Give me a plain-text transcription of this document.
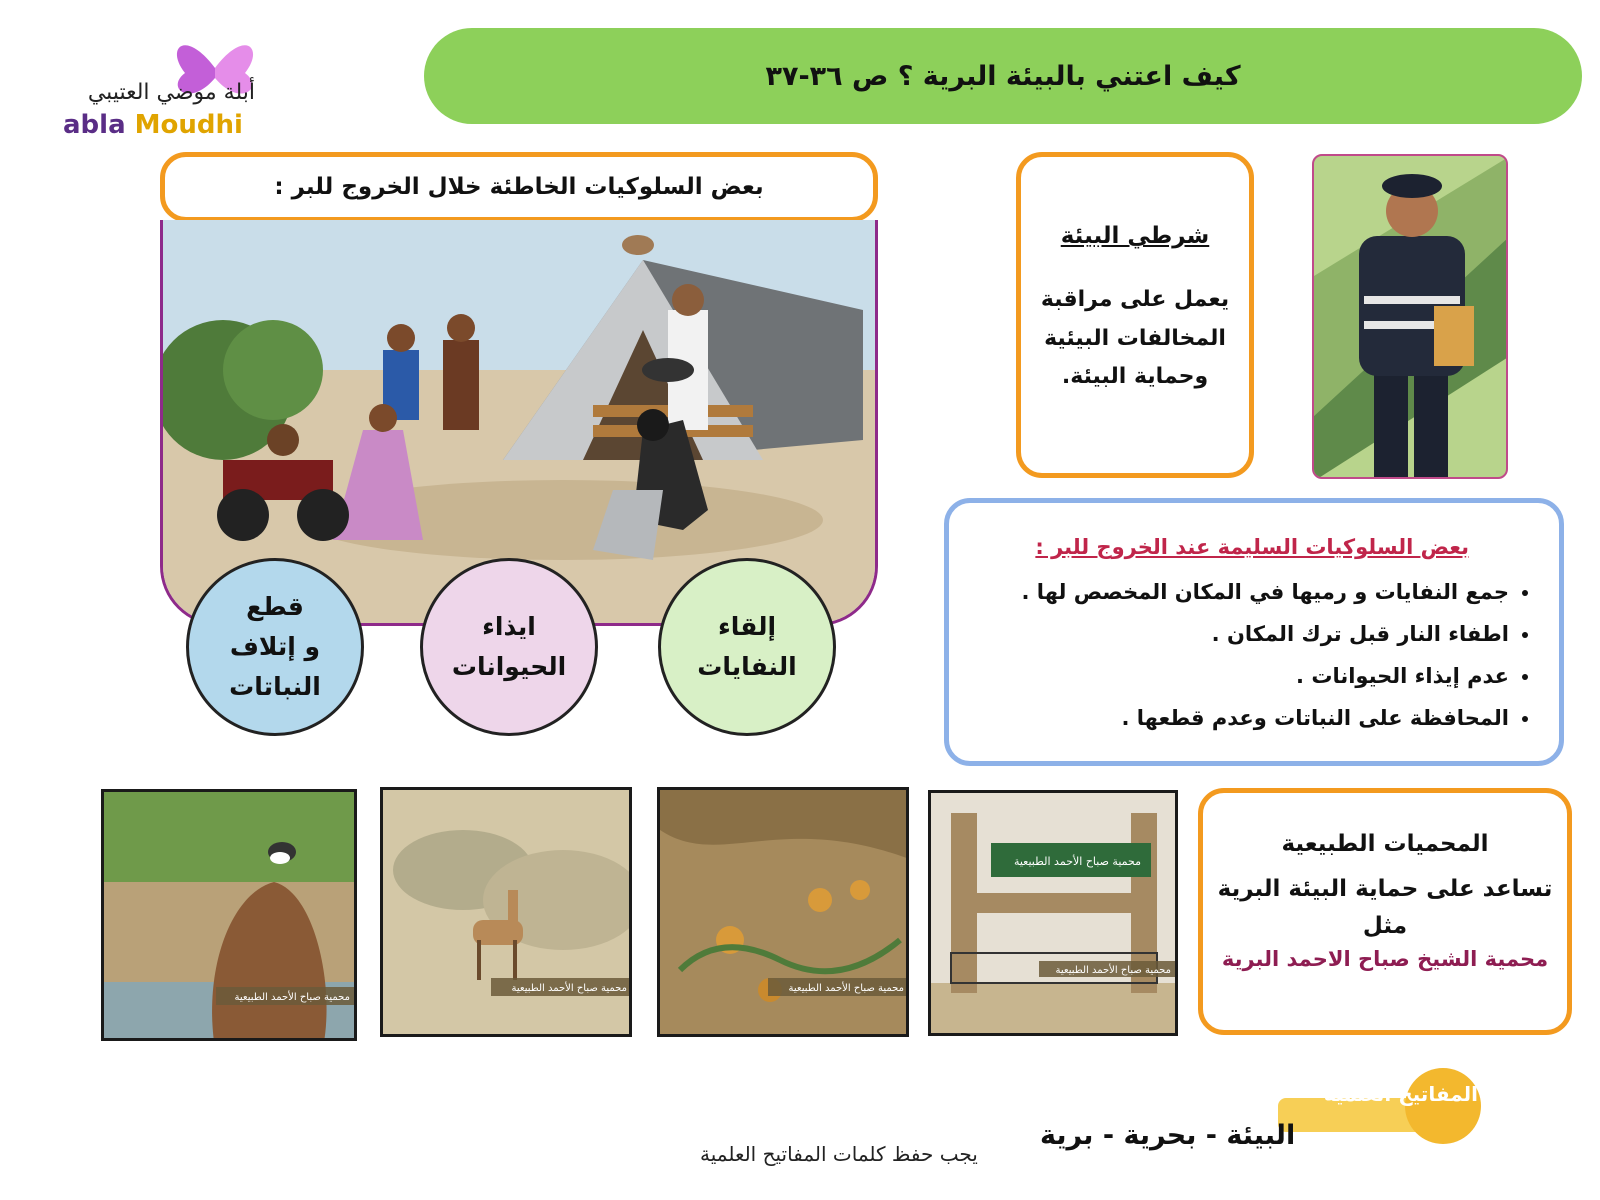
أبلة موضي العتيبي
abla Moudhi
كيف اعتني بالبيئة البرية ؟ ص ٣٦-٣٧
بعض السلوكيات الخاطئة خلال الخروج للبر :
قطع
و إتلاف
النباتات
ايذاء
الحيوانات
إلقاء
النفايات
شرطي البيئة
يعمل على مراقبة
المخالفات البيئية
وحماية البيئة.
بعض السلوكيات السليمة عند الخروج للبر :
• جمع النفايات و رميها في المكان المخصص لها .
• اطفاء النار قبل ترك المكان .
• عدم إيذاء الحيوانات .
• المحافظة على النباتات وعدم قطعها .
محمية صباح الأحمد الطبيعية
محمية صباح الأحمد الطبيعية	محمية صباح الأحمد الطبيعية
محمية صباح الأحمد الطبيعية
محمية صباح الأحمد الطبيعية
المحميات الطبيعية
تساعد على حماية البيئة البرية
مثل
محمية الشيخ صباح الاحمد البرية
المفاتيح العلمية
البيئة - بحرية - برية
يجب حفظ كلمات المفاتيح العلمية
